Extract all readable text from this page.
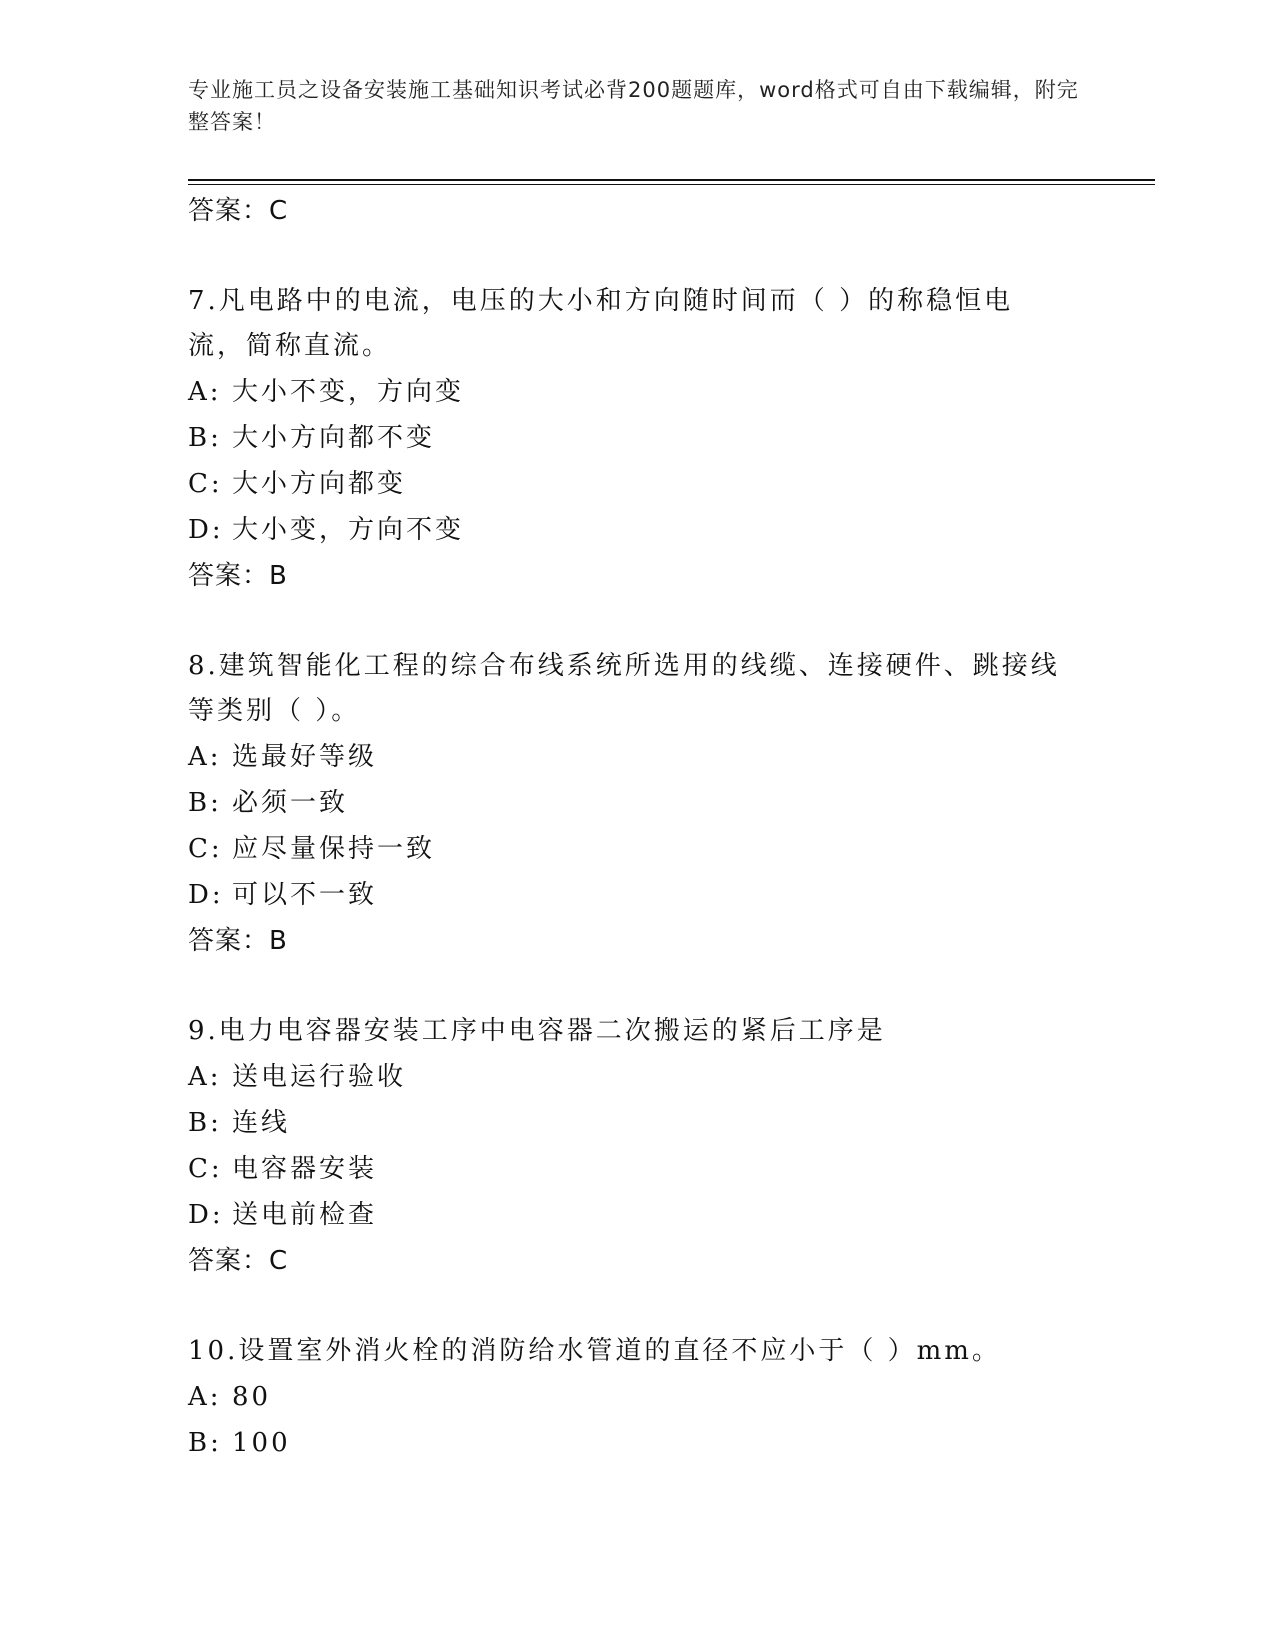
专业施工员之设备安装施工基础知识考试必背200题题库，word格式可自由下载编辑，附完整答案！
答案：C
7.凡电路中的电流，电压的大小和方向随时间而（ ）的称稳恒电流，简称直流。
A: 大小不变，方向变
B: 大小方向都不变
C: 大小方向都变
D: 大小变，方向不变
答案：B
8.建筑智能化工程的综合布线系统所选用的线缆、连接硬件、跳接线等类别（ ）。
A: 选最好等级
B: 必须一致
C: 应尽量保持一致
D: 可以不一致
答案：B
9.电力电容器安装工序中电容器二次搬运的紧后工序是
A: 送电运行验收
B: 连线
C: 电容器安装
D: 送电前检查
答案：C
10.设置室外消火栓的消防给水管道的直径不应小于（ ）mm。
A: 80
B: 100
